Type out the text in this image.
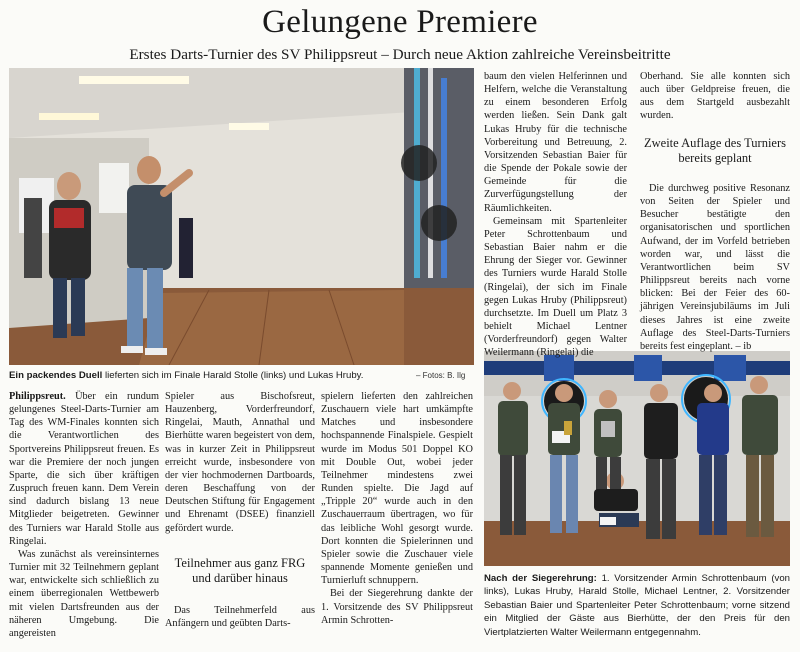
Gelungene Premiere
Erstes Darts-Turnier des SV Philippsreut – Durch neue Aktion zahlreiche Vereinsbeitritte
Ein packendes Duell lieferten sich im Finale Harald Stolle (links) und Lukas Hruby.	– Fotos: B. Ilg
Nach der Siegerehrung: 1. Vorsitzender Armin Schrottenbaum (von links), Lukas Hruby, Harald Stolle, Michael Lentner, 2. Vorsitzender Sebastian Baier und Spartenleiter Peter Schrottenbaum; vorne sitzend ein Mitglied der Gäste aus Bierhütte, der den Preis für den Viertplatzierten Walter Weilermann entgegennahm.

Philippsreut. Über ein rundum gelungenes Steel-Darts-Turnier am Tag des WM-Finales konnten sich die Verantwortlichen des Sportvereins Philippsreut freuen. Es war die Premiere der noch jungen Sparte, die sich über kräftigen Zuspruch freuen kann. Dem Verein sind dadurch bislang 13 neue Mitglieder beigetreten. Gewinner des Turniers war Harald Stolle aus Ringelai.

Was zunächst als vereinsinternes Turnier mit 32 Teilnehmern geplant war, entwickelte sich schließlich zu einem überregionalen Wettbewerb mit vielen Dartsfreunden aus der näheren Umgebung. Die angereisten

Spieler aus Bischofsreut, Hauzenberg, Vorderfreundorf, Ringelai, Mauth, Annathal und Bierhütte waren begeistert von dem, was in kurzer Zeit in Philippsreut erreicht wurde, insbesondere von der vier hochmodernen Dartboards, deren Beschaffung von der Deutschen Stiftung für Engagement und Ehrenamt (DSEE) finanziell gefördert wurde.

Teilnehmer aus ganz FRG und darüber hinaus

Das Teilnehmerfeld aus Anfängern und geübten Darts-

spielern lieferten den zahlreichen Zuschauern viele hart umkämpfte Matches und insbesondere hochspannende Finalspiele. Gespielt wurde im Modus 501 Doppel KO mit Double Out, wobei jeder Teilnehmer mindestens zwei Runden spielte. Die Jagd auf „Tripple 20“ wurde auch in den Zuschauerraum übertragen, wo für das leibliche Wohl gesorgt wurde. Dort konnten die Spielerinnen und Spieler sowie die Zuschauer viele spannende Momente genießen und Turnierluft schnuppern.

Bei der Siegerehrung dankte der 1. Vorsitzende des SV Philippsreut Armin Schrotten-

baum den vielen Helferinnen und Helfern, welche die Veranstaltung zu einem besonderen Erfolg werden ließen. Sein Dank galt Lukas Hruby für die technische Vorbereitung und Betreuung, 2. Vorsitzenden Sebastian Baier für die Spende der Pokale sowie der Gemeinde für die Zurverfügungstellung der Räumlichkeiten.

Gemeinsam mit Spartenleiter Peter Schrottenbaum und Sebastian Baier nahm er die Ehrung der Sieger vor. Gewinner des Turniers wurde Harald Stolle (Ringelai), der sich im Finale gegen Lukas Hruby (Philippsreut) durchsetzte. Im Duell um Platz 3 behielt Michael Lentner (Vorderfreundorf) gegen Walter Weilermann (Ringelai) die

Oberhand. Sie alle konnten sich auch über Geldpreise freuen, die aus dem Startgeld ausbezahlt wurden.

Zweite Auflage des Turniers bereits geplant

Die durchweg positive Resonanz von Seiten der Spieler und Besucher bestätigte den organisatorischen und sportlichen Aufwand, der im Vorfeld betrieben worden war, und lässt die Verantwortlichen beim SV Philippsreut bereits nach vorne blicken: Bei der Feier des 60-jährigen Vereinsjubiläums im Juli dieses Jahres ist eine zweite Auflage des Steel-Darts-Turniers bereits fest eingeplant. – ib
